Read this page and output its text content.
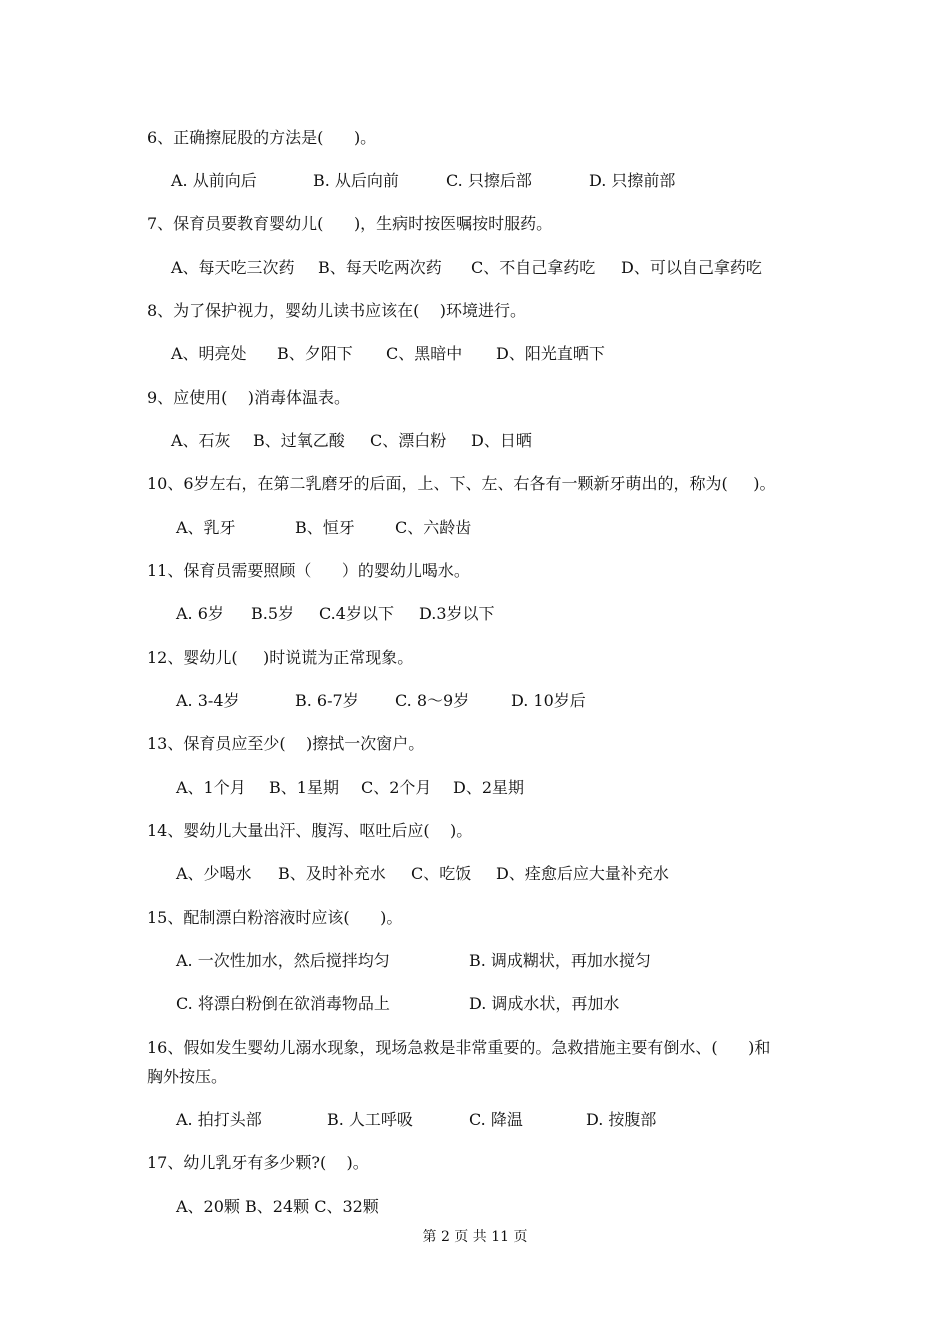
6、正确擦屁股的方法是(      )。
A. 从前向后	B. 从后向前	C. 只擦后部	D. 只擦前部
7、保育员要教育婴幼儿(      )，生病时按医嘱按时服药。
A、每天吃三次药 B、每天吃两次药 C、不自己拿药吃 D、可以自己拿药吃
8、为了保护视力，婴幼儿读书应该在(    )环境进行。
A、明亮处 B、夕阳下 C、黑暗中 D、阳光直晒下
9、应使用(    )消毒体温表。
A、石灰 B、过氧乙酸 C、漂白粉 D、日晒
10、6岁左右，在第二乳磨牙的后面，上、下、左、右各有一颗新牙萌出的，称为(     )。
A、乳牙	B、恒牙	C、六龄齿
11、保育员需要照顾（      ）的婴幼儿喝水。
A. 6岁 B.5岁 C.4岁以下 D.3岁以下
12、婴幼儿(     )时说谎为正常现象。
A. 3-4岁	B. 6-7岁 C. 8～9岁	D. 10岁后
13、保育员应至少(    )擦拭一次窗户。
A、1个月 B、1星期 C、2个月 D、2星期
14、婴幼儿大量出汗、腹泻、呕吐后应(    )。
A、少喝水 B、及时补充水 C、吃饭 D、痊愈后应大量补充水
15、配制漂白粉溶液时应该(      )。
A. 一次性加水，然后搅拌均匀	B. 调成糊状，再加水搅匀
C. 将漂白粉倒在欲消毒物品上	D. 调成水状，再加水
16、假如发生婴幼儿溺水现象，现场急救是非常重要的。急救措施主要有倒水、(      )和
胸外按压。
A. 拍打头部	B. 人工呼吸	C. 降温	D. 按腹部
17、幼儿乳牙有多少颗?(    )。
A、20颗 B、24颗 C、32颗
第 2 页 共 11 页
